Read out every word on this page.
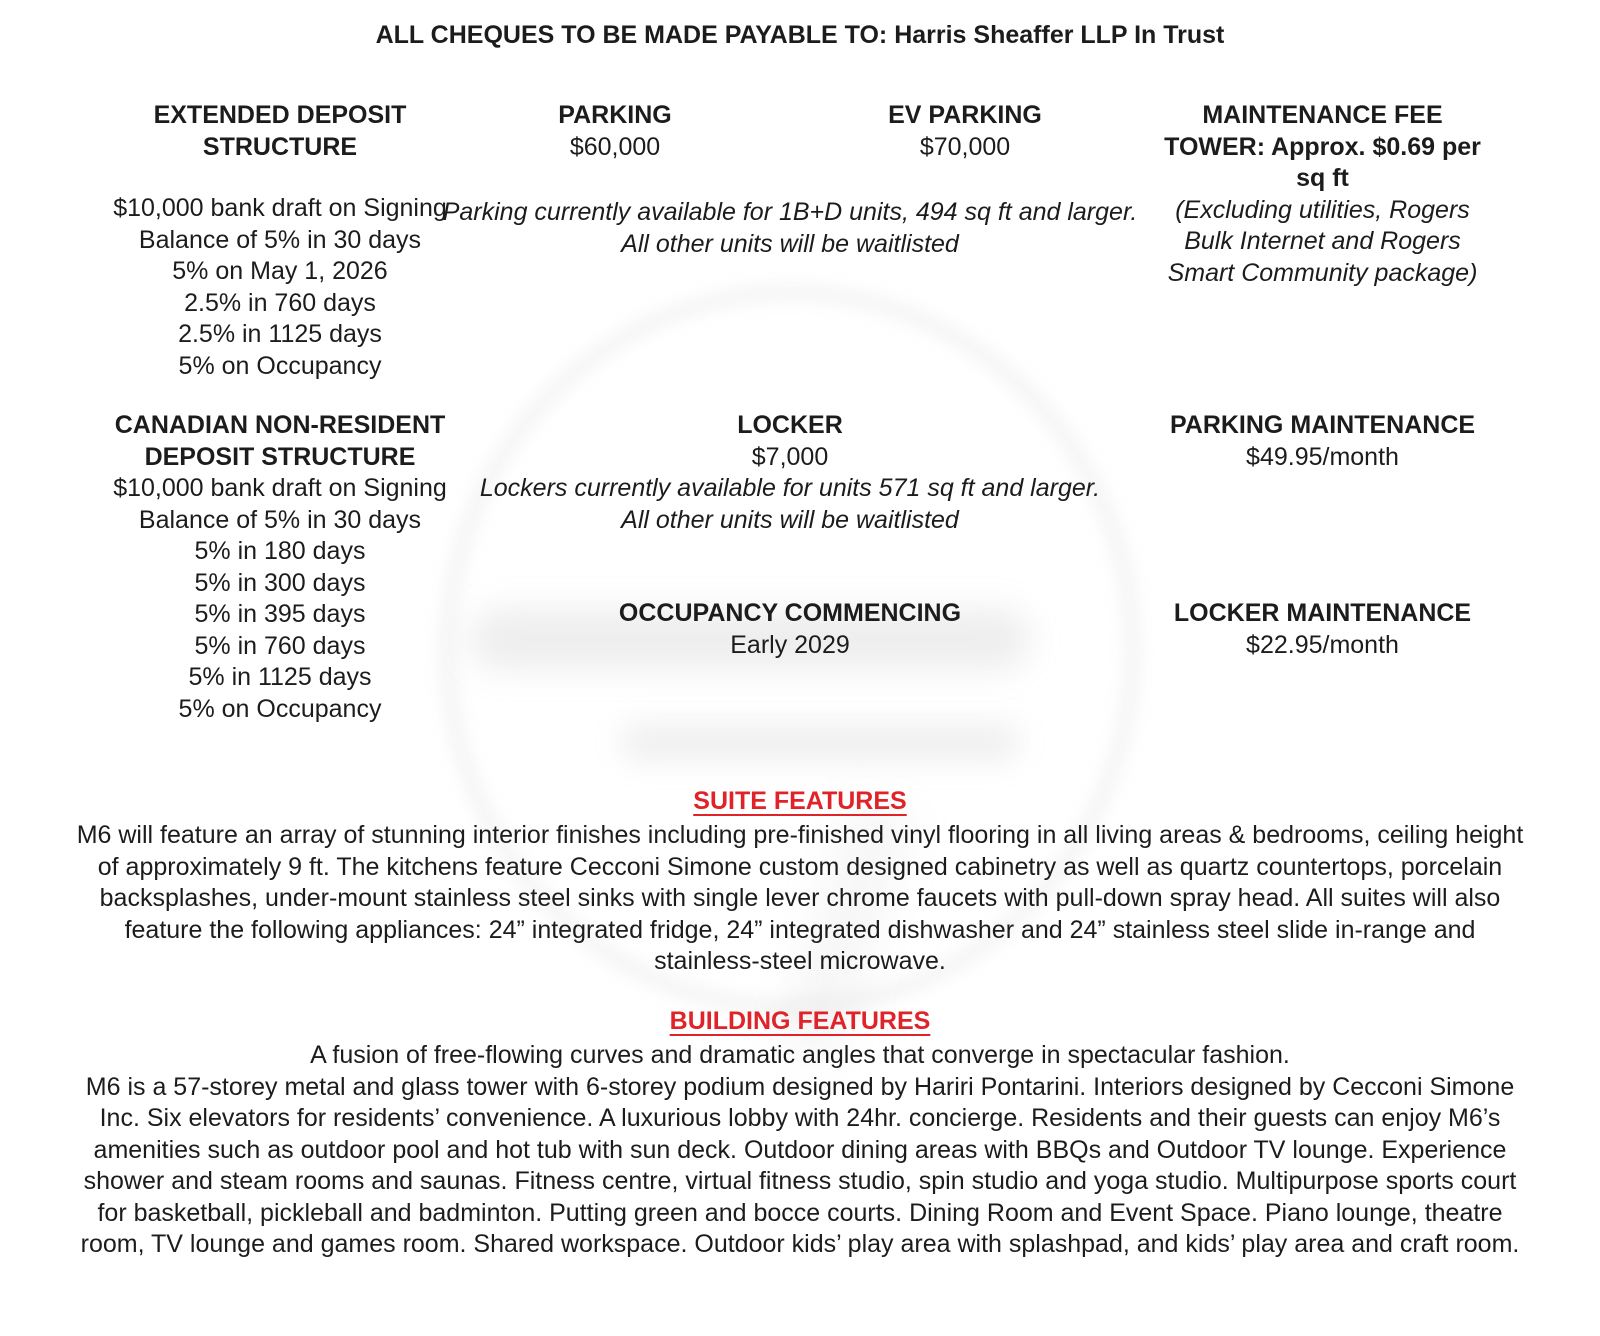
ALL CHEQUES TO BE MADE PAYABLE TO: Harris Sheaffer LLP In Trust
EXTENDED DEPOSIT
STRUCTURE
$10,000 bank draft on Signing
Balance of 5% in 30 days
5% on May 1, 2026
2.5% in 760 days
2.5% in 1125 days
5% on Occupancy
PARKING
$60,000
EV PARKING
$70,000
Parking currently available for 1B+D units, 494 sq ft and larger.
All other units will be waitlisted
MAINTENANCE FEE
TOWER: Approx. $0.69 per
sq ft
(Excluding utilities, Rogers
Bulk Internet and Rogers
Smart Community package)
CANADIAN NON-RESIDENT
DEPOSIT STRUCTURE
$10,000 bank draft on Signing
Balance of 5% in 30 days
5% in 180 days
5% in 300 days
5% in 395 days
5% in 760 days
5% in 1125 days
5% on Occupancy
LOCKER
$7,000
Lockers currently available for units 571 sq ft and larger.
All other units will be waitlisted
PARKING MAINTENANCE
$49.95/month
OCCUPANCY COMMENCING
Early 2029
LOCKER MAINTENANCE
$22.95/month
SUITE FEATURES
M6 will feature an array of stunning interior finishes including pre-finished vinyl flooring in all living areas & bedrooms, ceiling height of approximately 9 ft. The kitchens feature Cecconi Simone custom designed cabinetry as well as quartz countertops, porcelain backsplashes, under-mount stainless steel sinks with single lever chrome faucets with pull-down spray head. All suites will also feature the following appliances: 24” integrated fridge, 24” integrated dishwasher and 24” stainless steel slide in-range and stainless-steel microwave.
BUILDING FEATURES
A fusion of free-flowing curves and dramatic angles that converge in spectacular fashion.
M6 is a 57-storey metal and glass tower with 6-storey podium designed by Hariri Pontarini. Interiors designed by Cecconi Simone Inc. Six elevators for residents’ convenience. A luxurious lobby with 24hr. concierge. Residents and their guests can enjoy M6’s amenities such as outdoor pool and hot tub with sun deck. Outdoor dining areas with BBQs and Outdoor TV lounge. Experience shower and steam rooms and saunas. Fitness centre, virtual fitness studio, spin studio and yoga studio. Multipurpose sports court for basketball, pickleball and badminton. Putting green and bocce courts. Dining Room and Event Space. Piano lounge, theatre room, TV lounge and games room. Shared workspace. Outdoor kids’ play area with splashpad, and kids’ play area and craft room.
